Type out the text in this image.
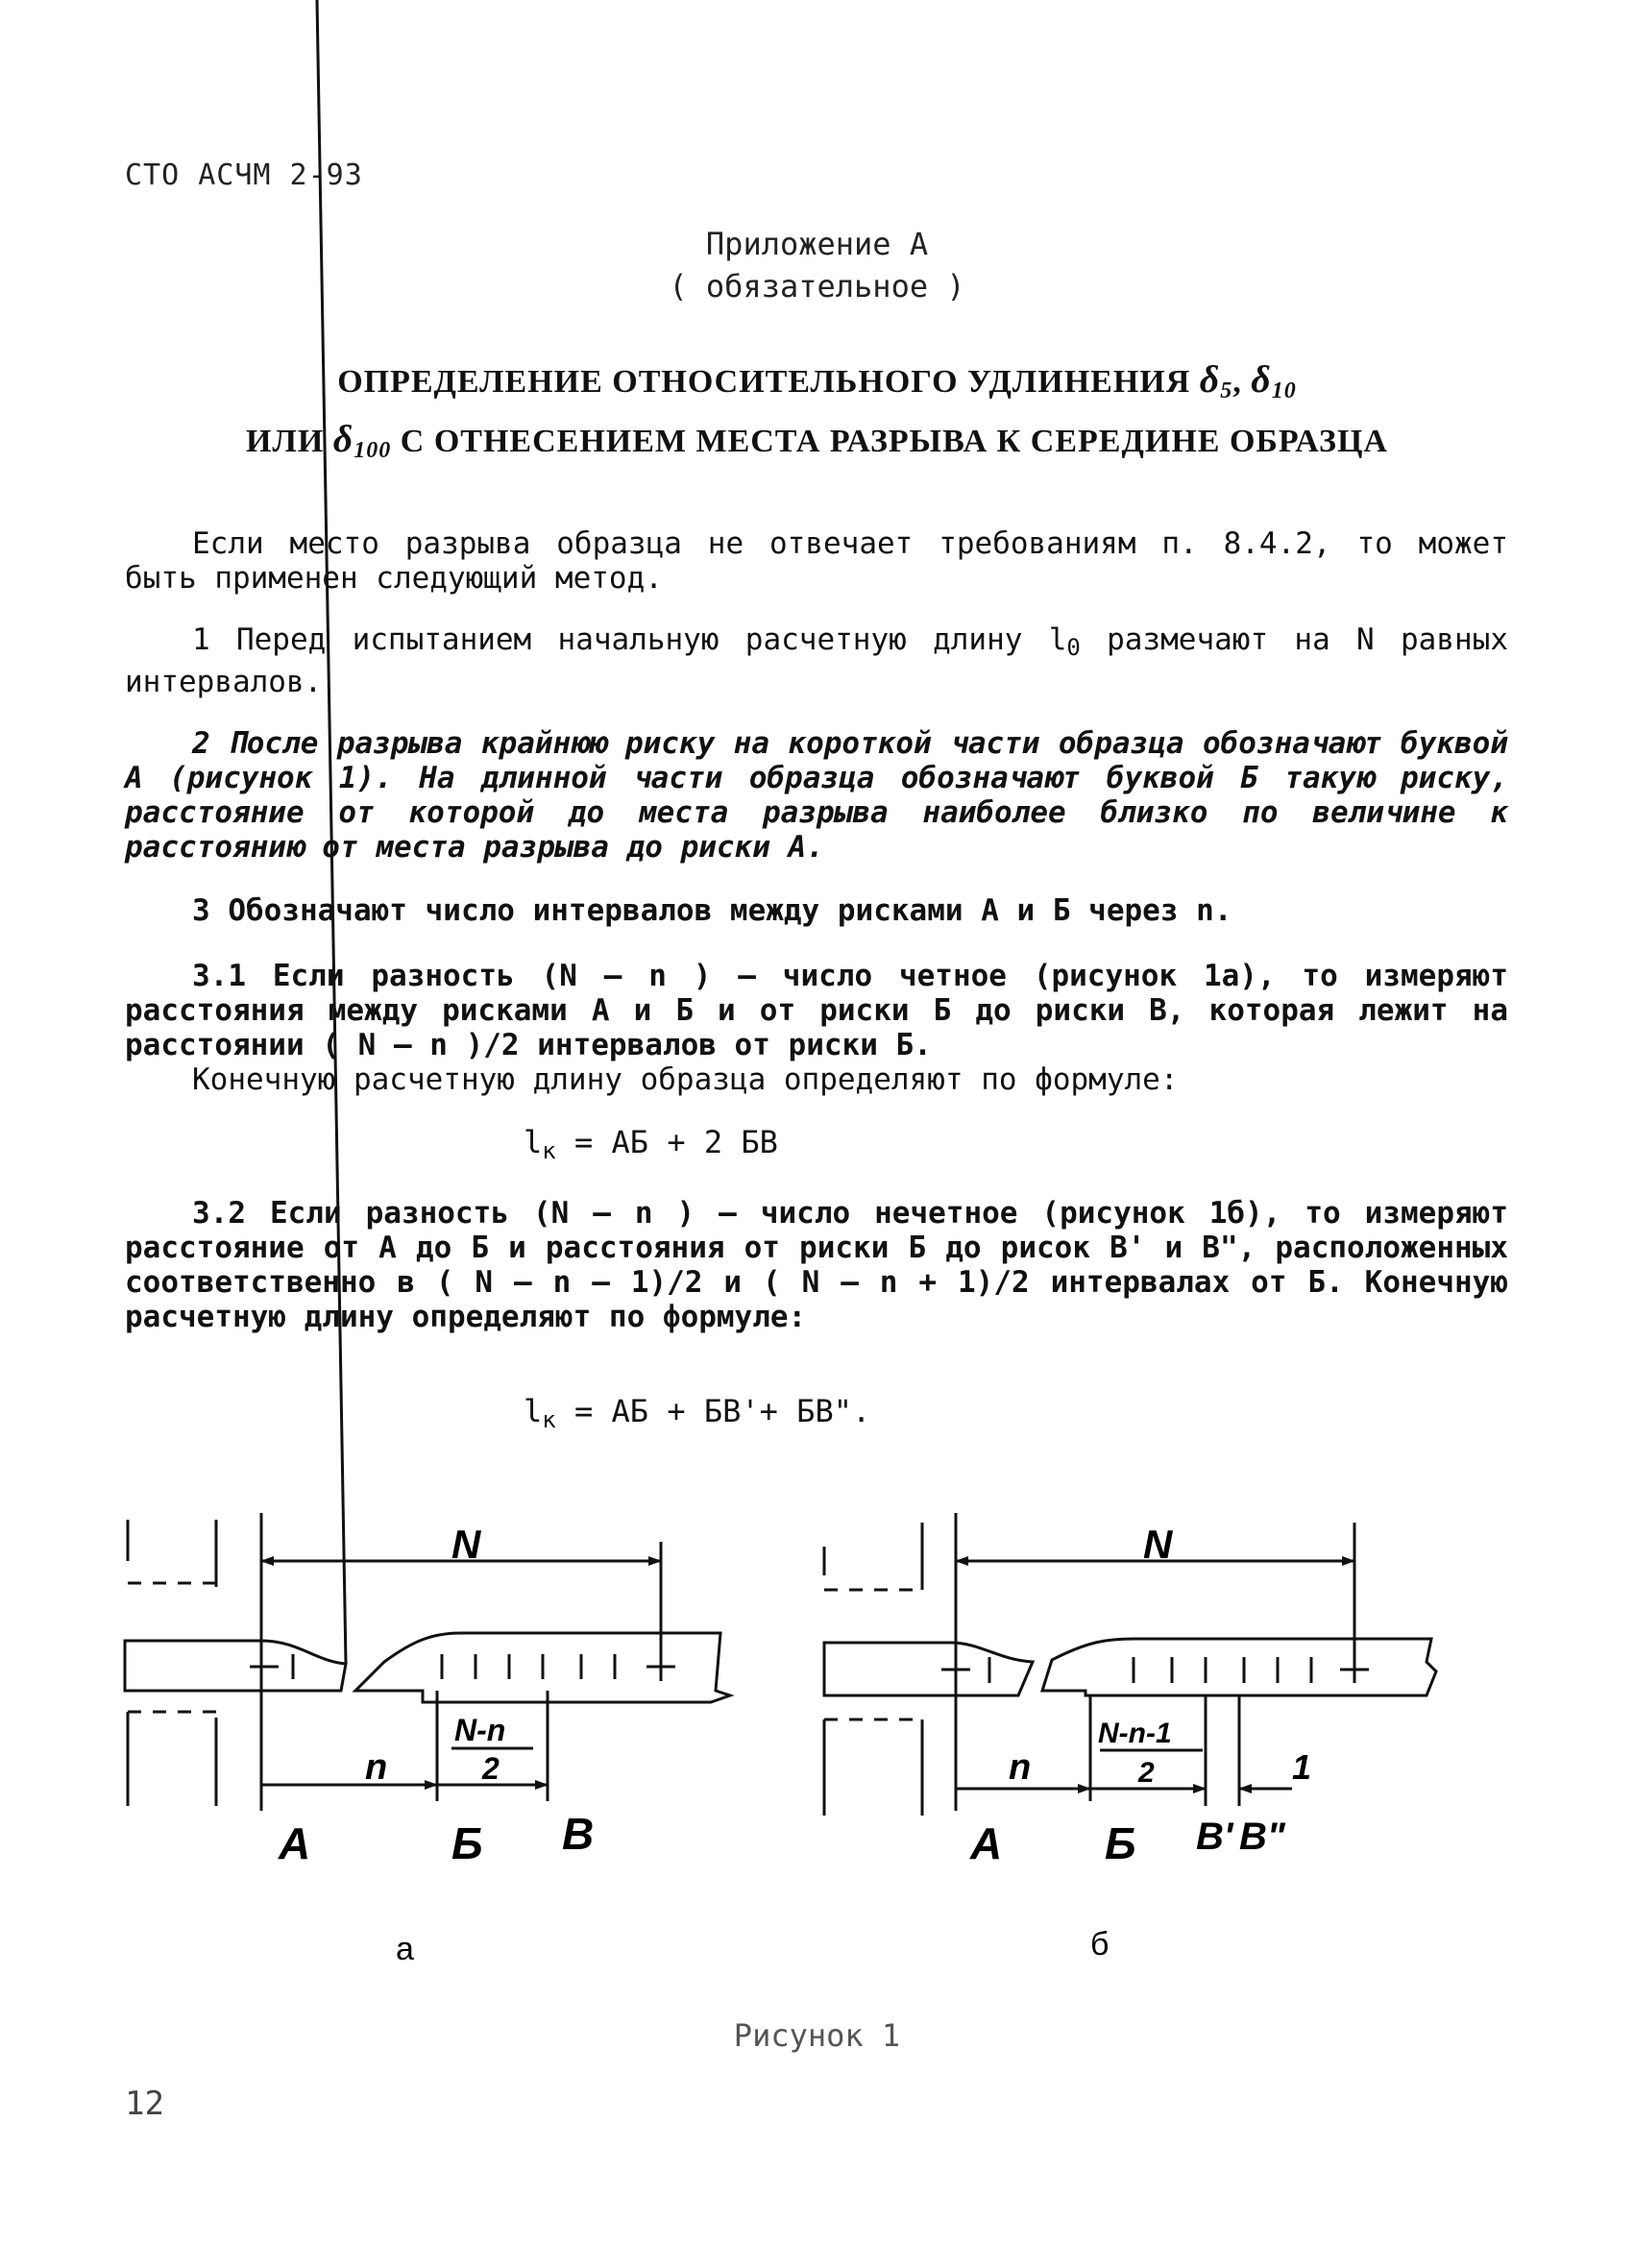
СТО АСЧМ 2-93
Приложение А
( обязательное )
ОПРЕДЕЛЕНИЕ ОТНОСИТЕЛЬНОГО УДЛИНЕНИЯ $\delta_5$, $\delta_{10}$
ИЛИ $\delta_{100}$ С ОТНЕСЕНИЕМ МЕСТА РАЗРЫВА К СЕРЕДИНЕ ОБРАЗЦА
Если место разрыва образца не отвечает требованиям п. 8.4.2, то может быть применен следующий метод.
1 Перед испытанием начальную расчетную длину $l_0$ размечают на N равных интервалов.
2 После разрыва крайнюю риску на короткой части образца обозначают буквой А (рисунок 1). На длинной части образца обозначают буквой Б такую риску, расстояние от которой до места разрыва наиболее близко по величине к расстоянию от места разрыва до риски А.
3 Обозначают число интервалов между рисками А и Б через n.
3.1 Если разность (N – n ) – число четное (рисунок 1а), то измеряют расстояния между рисками А и Б и от риски Б до риски В, которая лежит на расстоянии ( N – n )/2 интервалов от риски Б.
Конечную расчетную длину образца определяют по формуле:
$l_к$ = АБ + 2 БВ
3.2 Если разность (N – n ) – число нечетное (рисунок 1б), то измеряют расстояние от А до Б и расстояния от риски Б до рисок В' и В", расположенных соответственно в ( N – n – 1)/2 и ( N – n + 1)/2 интервалах от Б. Конечную расчетную длину определяют по формуле:
$l_к$ = АБ + БВ'+ БВ".
N
n
N-n
2
А	Б В
а
N
n
N-n-1
2	1
А Б В' В"
б
Рисунок 1
12
